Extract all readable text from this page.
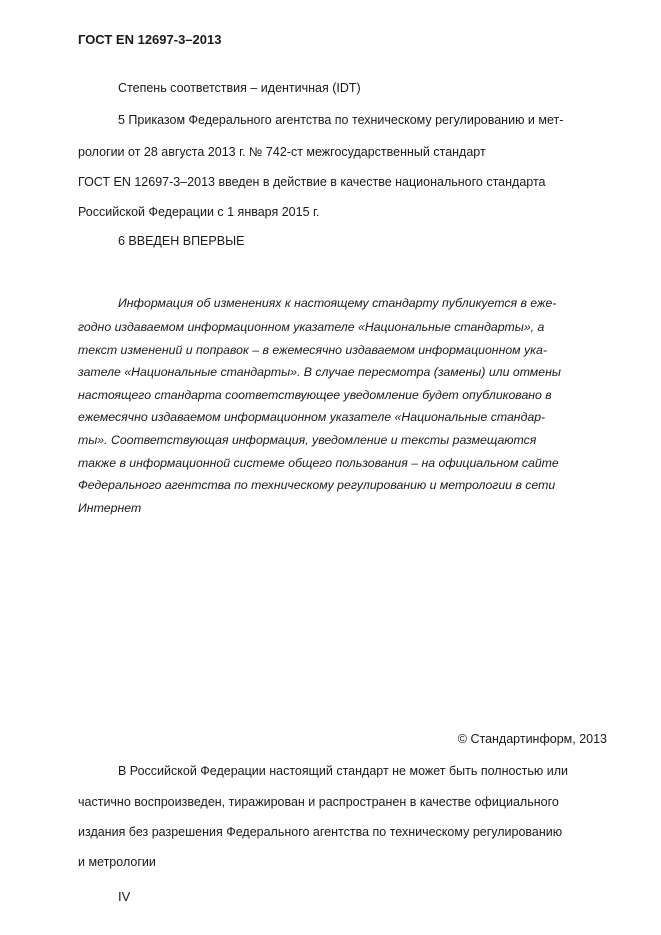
ГОСТ EN 12697-3–2013
Степень соответствия – идентичная (IDT)
5 Приказом Федерального агентства по техническому регулированию и мет-
рологии от 28 августа 2013 г. № 742-ст межгосударственный стандарт
ГОСТ EN 12697-3–2013 введен в действие в качестве национального стандарта
Российской Федерации с 1 января 2015 г.
6 ВВЕДЕН ВПЕРВЫЕ
Информация об изменениях к настоящему стандарту публикуется в еже-
годно издаваемом информационном указателе «Национальные стандарты», а
текст изменений и поправок – в ежемесячно издаваемом информационном ука-
зателе «Национальные стандарты». В случае пересмотра (замены) или отмены
настоящего стандарта соответствующее уведомление будет опубликовано в
ежемесячно издаваемом информационном указателе «Национальные стандар-
ты». Соответствующая информация, уведомление и тексты размещаются
также в информационной системе общего пользования – на официальном сайте
Федерального агентства по техническому регулированию и метрологии в сети
Интернет
© Стандартинформ, 2013
В Российской Федерации настоящий стандарт не может быть полностью или
частично воспроизведен, тиражирован и распространен в качестве официального
издания без разрешения Федерального агентства по техническому регулированию
и метрологии
IV
